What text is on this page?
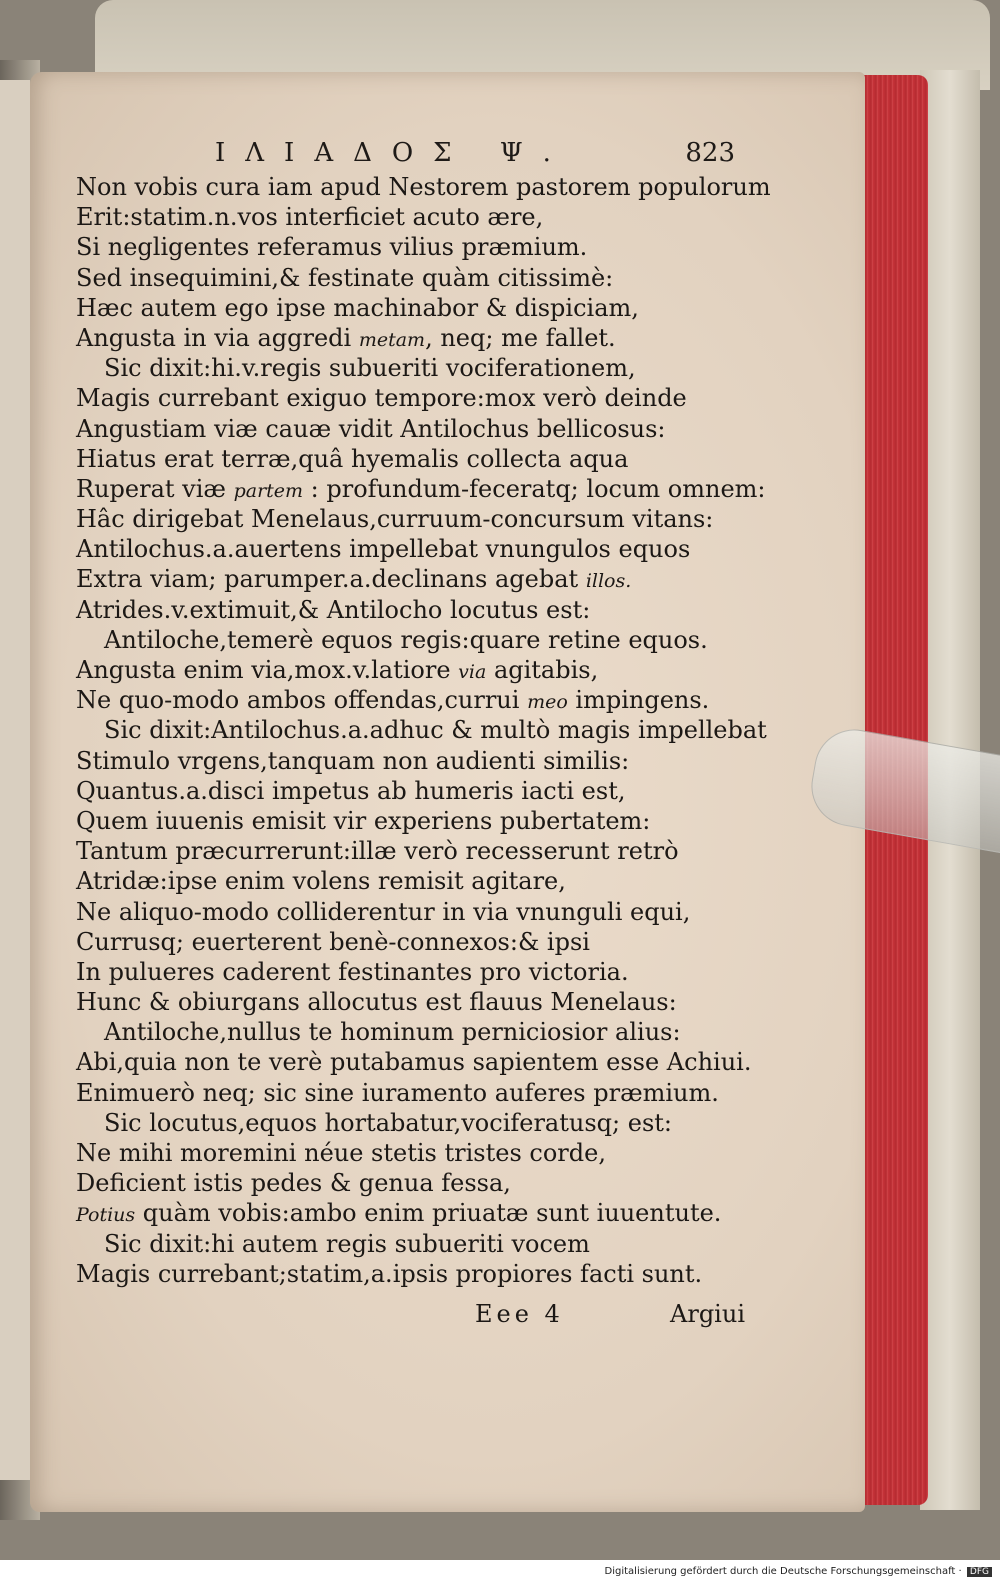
ΙΛΙΑΔΟΣ Ψ.	823
Non vobis cura iam apud Nestorem pastorem populorum
Erit:statim.n.vos interficiet acuto ære,
Si negligentes referamus vilius præmium.
Sed insequimini,& festinate quàm citissimè:
Hæc autem ego ipse machinabor & dispiciam,
Angusta in via aggredi metam, neq; me fallet.
Sic dixit:hi.v.regis subueriti vociferationem,
Magis currebant exiguo tempore:mox verò deinde
Angustiam viæ cauæ vidit Antilochus bellicosus:
Hiatus erat terræ,quâ hyemalis collecta aqua
Ruperat viæ partem : profundum-feceratq; locum omnem:
Hâc dirigebat Menelaus,curruum-concursum vitans:
Antilochus.a.auertens impellebat vnungulos equos
Extra viam; parumper.a.declinans agebat illos.
Atrides.v.extimuit,& Antilocho locutus est:
Antiloche,temerè equos regis:quare retine equos.
Angusta enim via,mox.v.latiore via agitabis,
Ne quo-modo ambos offendas,currui meo impingens.
Sic dixit:Antilochus.a.adhuc & multò magis impellebat
Stimulo vrgens,tanquam non audienti similis:
Quantus.a.disci impetus ab humeris iacti est,
Quem iuuenis emisit vir experiens pubertatem:
Tantum præcurrerunt:illæ verò recesserunt retrò
Atridæ:ipse enim volens remisit agitare,
Ne aliquo-modo colliderentur in via vnunguli equi,
Currusq; euerterent benè-connexos:& ipsi
In pulueres caderent festinantes pro victoria.
Hunc & obiurgans allocutus est flauus Menelaus:
Antiloche,nullus te hominum perniciosior alius:
Abi,quia non te verè putabamus sapientem esse Achiui.
Enimuerò neq; sic sine iuramento auferes præmium.
Sic locutus,equos hortabatur,vociferatusq; est:
Ne mihi moremini néue stetis tristes corde,
Deficient istis pedes & genua fessa,
Potius quàm vobis:ambo enim priuatæ sunt iuuentute.
Sic dixit:hi autem regis subueriti vocem
Magis currebant;statim,a.ipsis propiores facti sunt.
Eee 4	Argiui
Digitalisierung gefördert durch die Deutsche Forschungsgemeinschaft · DFG
